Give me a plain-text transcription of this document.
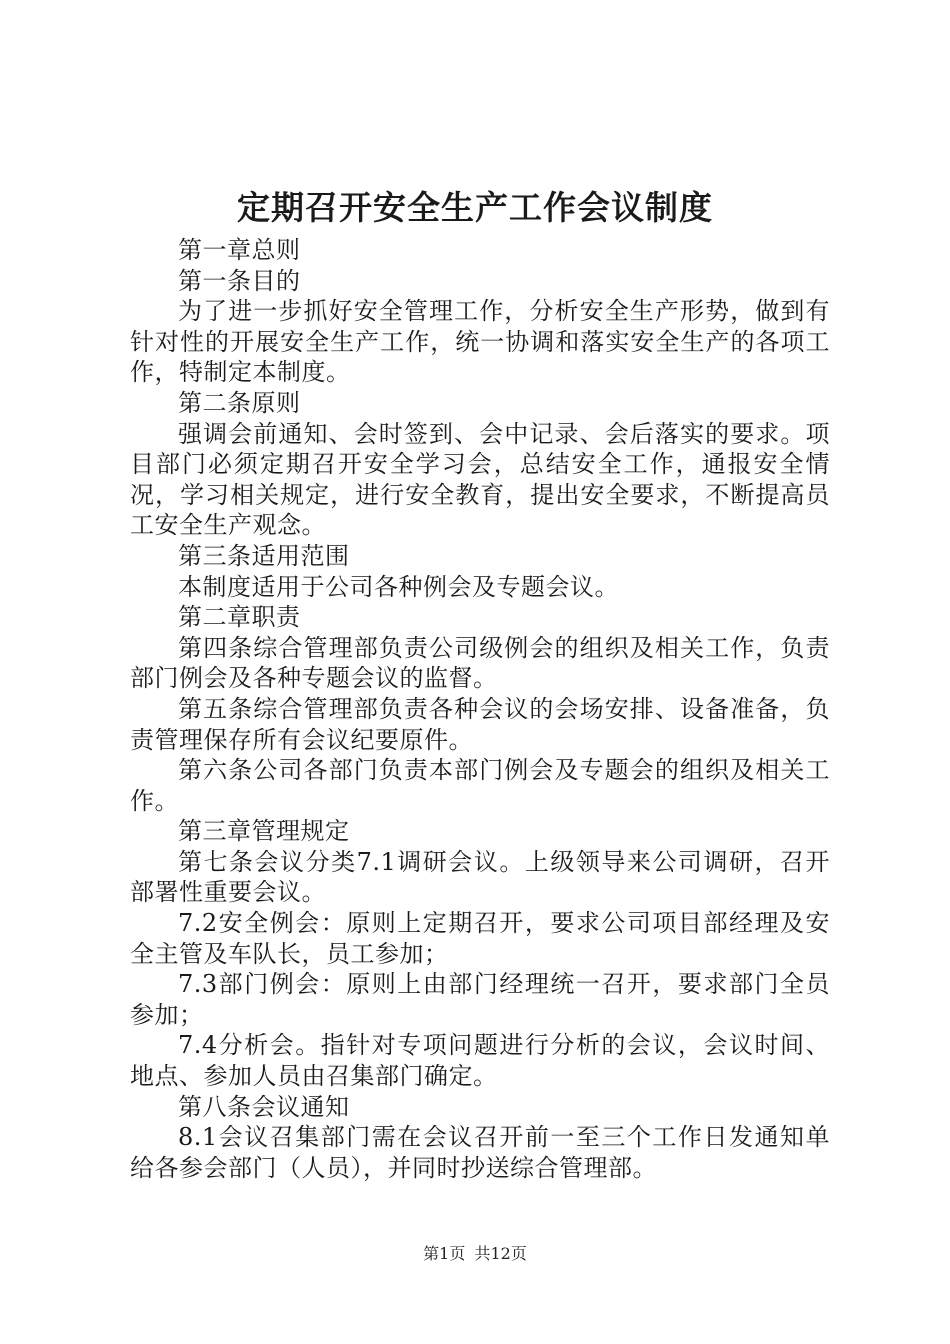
定期召开安全生产工作会议制度

第一章总则

第一条目的

为了进一步抓好安全管理工作，分析安全生产形势，做到有针对性的开展安全生产工作，统一协调和落实安全生产的各项工作，特制定本制度。

第二条原则

强调会前通知、会时签到、会中记录、会后落实的要求。项目部门必须定期召开安全学习会，总结安全工作，通报安全情况，学习相关规定，进行安全教育，提出安全要求，不断提高员工安全生产观念。

第三条适用范围

本制度适用于公司各种例会及专题会议。

第二章职责

第四条综合管理部负责公司级例会的组织及相关工作，负责部门例会及各种专题会议的监督。

第五条综合管理部负责各种会议的会场安排、设备准备，负责管理保存所有会议纪要原件。

第六条公司各部门负责本部门例会及专题会的组织及相关工作。

第三章管理规定

第七条会议分类7.1调研会议。上级领导来公司调研，召开部署性重要会议。

7.2安全例会：原则上定期召开，要求公司项目部经理及安全主管及车队长，员工参加；

7.3部门例会：原则上由部门经理统一召开，要求部门全员参加；

7.4分析会。指针对专项问题进行分析的会议，会议时间、地点、参加人员由召集部门确定。

第八条会议通知

8.1会议召集部门需在会议召开前一至三个工作日发通知单给各参会部门（人员），并同时抄送综合管理部。

第1页 共12页
